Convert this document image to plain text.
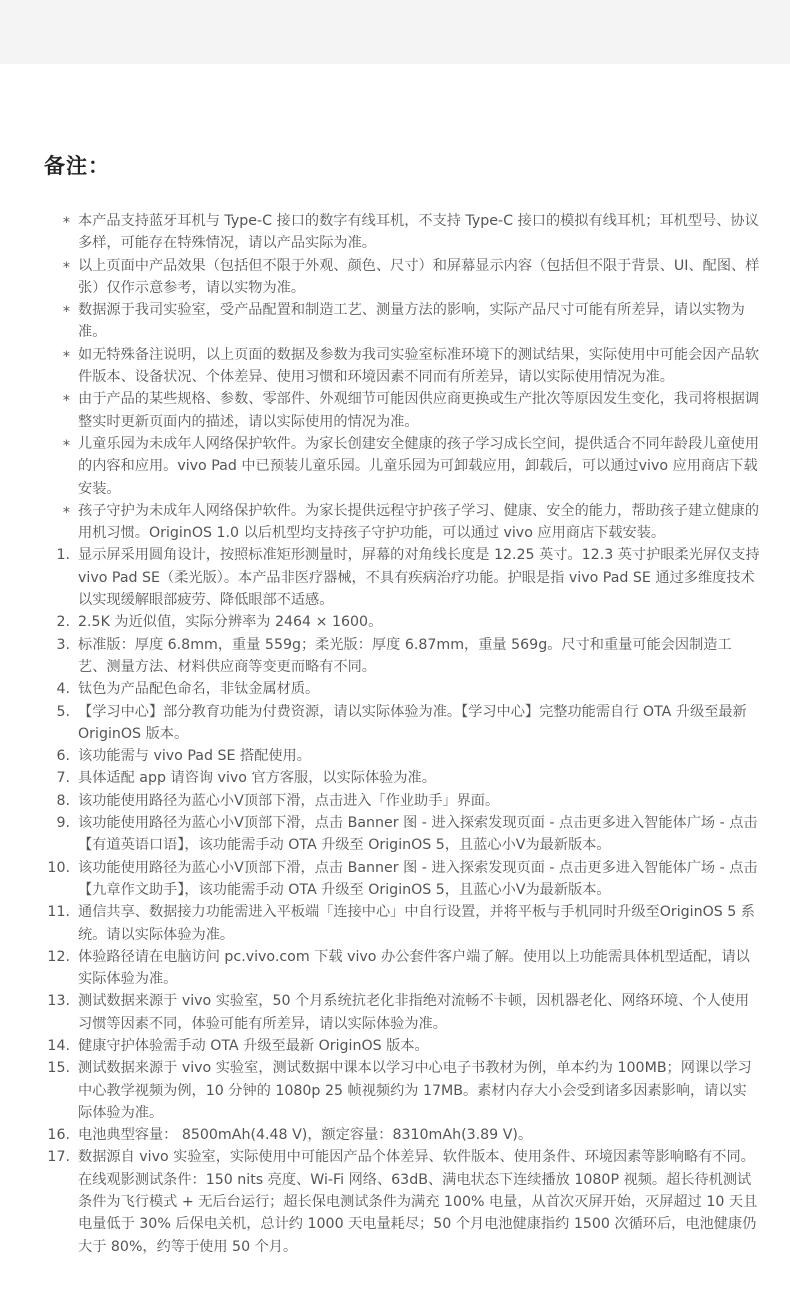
备注：
* 本产品支持蓝牙耳机与 Type-C 接口的数字有线耳机，不支持 Type-C 接口的模拟有线耳机；耳机型号、协议多样，可能存在特殊情况，请以产品实际为准。
* 以上页面中产品效果（包括但不限于外观、颜色、尺寸）和屏幕显示内容（包括但不限于背景、UI、配图、样张）仅作示意参考，请以实物为准。
* 数据源于我司实验室，受产品配置和制造工艺、测量方法的影响，实际产品尺寸可能有所差异，请以实物为准。
* 如无特殊备注说明，以上页面的数据及参数为我司实验室标准环境下的测试结果，实际使用中可能会因产品软件版本、设备状况、个体差异、使用习惯和环境因素不同而有所差异，请以实际使用情况为准。
* 由于产品的某些规格、参数、零部件、外观细节可能因供应商更换或生产批次等原因发生变化，我司将根据调整实时更新页面内的描述，请以实际使用的情况为准。
* 儿童乐园为未成年人网络保护软件。为家长创建安全健康的孩子学习成长空间，提供适合不同年龄段儿童使用的内容和应用。vivo Pad 中已预装儿童乐园。儿童乐园为可卸载应用，卸载后，可以通过vivo 应用商店下载安装。
* 孩子守护为未成年人网络保护软件。为家长提供远程守护孩子学习、健康、安全的能力，帮助孩子建立健康的用机习惯。OriginOS 1.0 以后机型均支持孩子守护功能，可以通过 vivo 应用商店下载安装。
1. 显示屏采用圆角设计，按照标准矩形测量时，屏幕的对角线长度是 12.25 英寸。12.3 英寸护眼柔光屏仅支持 vivo Pad SE（柔光版）。本产品非医疗器械，不具有疾病治疗功能。护眼是指 vivo Pad SE 通过多维度技术以实现缓解眼部疲劳、降低眼部不适感。
2. 2.5K 为近似值，实际分辨率为 2464 × 1600。
3. 标准版：厚度 6.8mm，重量 559g；柔光版：厚度 6.87mm，重量 569g。尺寸和重量可能会因制造工艺、测量方法、材料供应商等变更而略有不同。
4. 钛色为产品配色命名，非钛金属材质。
5. 【学习中心】部分教育功能为付费资源，请以实际体验为准。【学习中心】完整功能需自行 OTA 升级至最新 OriginOS 版本。
6. 该功能需与 vivo Pad SE 搭配使用。
7. 具体适配 app 请咨询 vivo 官方客服，以实际体验为准。
8. 该功能使用路径为蓝心小V顶部下滑，点击进入「作业助手」界面。
9. 该功能使用路径为蓝心小V顶部下滑，点击 Banner 图 - 进入探索发现页面 - 点击更多进入智能体广场 - 点击【有道英语口语】，该功能需手动 OTA 升级至 OriginOS 5，且蓝心小V为最新版本。
10. 该功能使用路径为蓝心小V顶部下滑，点击 Banner 图 - 进入探索发现页面 - 点击更多进入智能体广场 - 点击【九章作文助手】，该功能需手动 OTA 升级至 OriginOS 5，且蓝心小V为最新版本。
11. 通信共享、数据接力功能需进入平板端「连接中心」中自行设置，并将平板与手机同时升级至OriginOS 5 系统。请以实际体验为准。
12. 体验路径请在电脑访问 pc.vivo.com 下载 vivo 办公套件客户端了解。使用以上功能需具体机型适配，请以实际体验为准。
13. 测试数据来源于 vivo 实验室，50 个月系统抗老化非指绝对流畅不卡顿，因机器老化、网络环境、个人使用习惯等因素不同，体验可能有所差异，请以实际体验为准。
14. 健康守护体验需手动 OTA 升级至最新 OriginOS 版本。
15. 测试数据来源于 vivo 实验室，测试数据中课本以学习中心电子书教材为例，单本约为 100MB；网课以学习中心教学视频为例，10 分钟的 1080p 25 帧视频约为 17MB。素材内存大小会受到诸多因素影响，请以实际体验为准。
16. 电池典型容量： 8500mAh(4.48 V)，额定容量：8310mAh(3.89 V)。
17. 数据源自 vivo 实验室，实际使用中可能因产品个体差异、软件版本、使用条件、环境因素等影响略有不同。在线观影测试条件：150 nits 亮度、Wi-Fi 网络、63dB、满电状态下连续播放 1080P 视频。超长待机测试条件为飞行模式 + 无后台运行；超长保电测试条件为满充 100% 电量，从首次灭屏开始，灭屏超过 10 天且电量低于 30% 后保电关机，总计约 1000 天电量耗尽；50 个月电池健康指约 1500 次循环后，电池健康仍大于 80%，约等于使用 50 个月。
